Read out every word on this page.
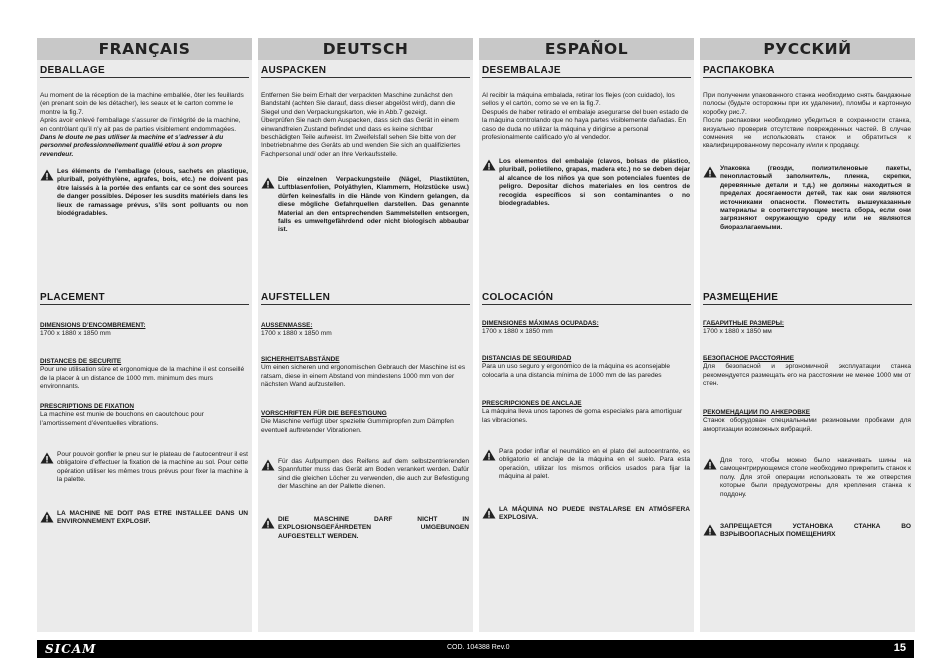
FRANÇAIS
DEBALLAGE

Au moment de la réception de la machine emballée, ôter les feuillards (en prenant soin de les détacher), les seaux et le carton comme le montre la fig.7.

Après avoir enlevé l’emballage s’assurer de l’intégrité de la machine, en contrôlant qu’il n’y ait pas de parties visiblement endommagées.

Dans le doute ne pas utiliser la machine et s’adresser à du personnel professionnellement qualifié et/ou à son propre revendeur.

Les éléments de l’emballage (clous, sachets en plastique, pluriball, polyéthylène, agrafes, bois, etc.) ne doivent pas être laissés à la portée des enfants car ce sont des sources de danger possibles. Déposer les susdits matériels dans les lieux de ramassage prévus, s’ils sont polluants ou non biodégradables.
PLACEMENT

DIMENSIONS D’ENCOMBREMENT:

1700 x 1880 x 1850 mm

DISTANCES DE SECURITE

Pour une utilisation sûre et ergonomique de la machine il est conseillé de la placer à un distance de 1000 mm. minimum des murs environnants.

PRESCRIPTIONS DE FIXATION

La machine est munie de bouchons en caoutchouc pour l’amortissement d’éventuelles vibrations.

Pour pouvoir gonfler le pneu sur le plateau de l’autocentreur il est obligatoire d’effectuer la fixation de la machine au sol. Pour cette opération utiliser les mêmes trous prévus pour fixer la machine à la palette.
LA MACHINE NE DOIT PAS ETRE INSTALLEE DANS UN ENVIRONNEMENT EXPLOSIF.
DEUTSCH
AUSPACKEN

Entfernen Sie beim Erhalt der verpackten Maschine zunächst den Bandstahl (achten Sie darauf, dass dieser abgelöst wird), dann die Siegel und den Verpackungskarton, wie in Abb.7 gezeigt.

Überprüfen Sie nach dem Auspacken, dass sich das Gerät in einem einwandfreien Zustand befindet und dass es keine sichtbar beschädigten Teile aufweist. Im Zweifelsfall sehen Sie bitte von der Inbetriebnahme des Geräts ab und wenden Sie sich an qualifiziertes Fachpersonal und/ oder an Ihre Verkaufsstelle.

Die einzelnen Verpackungsteile (Nägel, Plastiktüten, Luftblasenfolien, Polyäthylen, Klammern, Holzstücke usw.) dürfen keinesfalls in die Hände von Kindern gelangen, da diese mögliche Gefahrquellen darstellen. Das genannte Material an den entsprechenden Sammelstellen entsorgen, falls es umweltgefährdend oder nicht biologisch abbaubar ist.
AUFSTELLEN

AUSSENMASSE:

1700 x 1880 x 1850 mm

SICHERHEITSABSTÄNDE

Um einen sicheren und ergonomischen Gebrauch der Maschine ist es ratsam, diese in einem Abstand von mindestens 1000 mm von der nächsten Wand aufzustellen.

VORSCHRIFTEN FÜR DIE BEFESTIGUNG

Die Maschine verfügt über spezielle Gummipropfen zum Dämpfen eventuell auftretender Vibrationen.

Für das Aufpumpen des Reifens auf dem selbstzentrierenden Spannfutter muss das Gerät am Boden verankert werden. Dafür sind die gleichen Löcher zu verwenden, die auch zur Befestigung der Maschine an der Pallette dienen.
DIE MASCHINE DARF NICHT IN EXPLOSIONSGEFÄHRDETEN UMGEBUNGEN AUFGESTELLT WERDEN.
ESPAÑOL
DESEMBALAJE

Al recibir la máquina embalada, retirar los flejes (con cuidado), los sellos y el cartón, como se ve en la fig.7.

Después de haber retirado el embalaje asegurarse del buen estado de la máquina controlando que no haya partes visiblemente dañadas. En caso de duda no utilizar la máquina y dirigirse a personal profesionalmente calificado y/o al vendedor.

Los elementos del embalaje (clavos, bolsas de plástico, pluriball, polietileno, grapas, madera etc.) no se deben dejar al alcance de los niños ya que son potenciales fuentes de peligro. Depositar dichos materiales en los centros de recogida específicos si son contaminantes o no biodegradables.
COLOCACIÓN

DIMENSIONES MÁXIMAS OCUPADAS:

1700 x 1880 x 1850 mm

DISTANCIAS DE SEGURIDAD

Para un uso seguro y ergonómico de la máquina es aconsejable colocarla a una distancia mínima de 1000 mm de las paredes

PRESCRIPCIONES DE ANCLAJE

La máquina lleva unos tapones de goma especiales para amortiguar las vibraciones.

Para poder inflar el neumático en el plato del autocentrante, es obligatorio el anclaje de la máquina en el suelo. Para esta operación, utilizar los mismos orificios usados para fijar la máquina al palet.
LA MÁQUINA NO PUEDE INSTALARSE EN ATMÓSFERA EXPLOSIVA.
РУССКИЙ
РАСПАКОВКА

При получении упакованного станка необходимо снять бандажные полосы (будьте осторожны при их удалении), пломбы и картонную коробку рис.7.

После распаковки необходимо убедиться в сохранности станка, визуально проверив отсутствие поврежденных частей. В случае сомнения не использовать станок и обратиться к квалифицированному персоналу и/или к продавцу.

Упаковка (гвозди, полиэтиленовые пакеты, пенопластовый заполнитель, пленка, скрепки, деревянные детали и т.д.) не должны находиться в пределах досягаемости детей, так как они являются источниками опасности. Поместить вышеуказанные материалы в соответствующие места сбора, если они загрязняют окружающую среду или не являются биоразлагаемыми.
РАЗМЕЩЕНИЕ

ГАБАРИТНЫЕ РАЗМЕРЫ:

1700 x 1880 x 1850 мм

БЕЗОПАСНОЕ РАССТОЯНИЕ

Для безопасной и эргономичной эксплуатации станка рекомендуется размещать его на расстоянии не менее 1000 мм от стен.

РЕКОМЕНДАЦИИ ПО АНКЕРОВКЕ

Станок оборудован специальными резиновыми пробками для амортизации возможных вибраций.

Для того, чтобы можно было накачивать шины на самоцентрирующемся столе необходимо прикрепить станок к полу. Для этой операции использовать те же отверстия которые были предусмотрены для крепления станка к поддону.
ЗАПРЕЩАЕТСЯ УСТАНОВКА СТАНКА ВО ВЗРЫВООПАСНЫХ ПОМЕЩЕНИЯХ
SICAM	COD. 104388 Rev.0	15
